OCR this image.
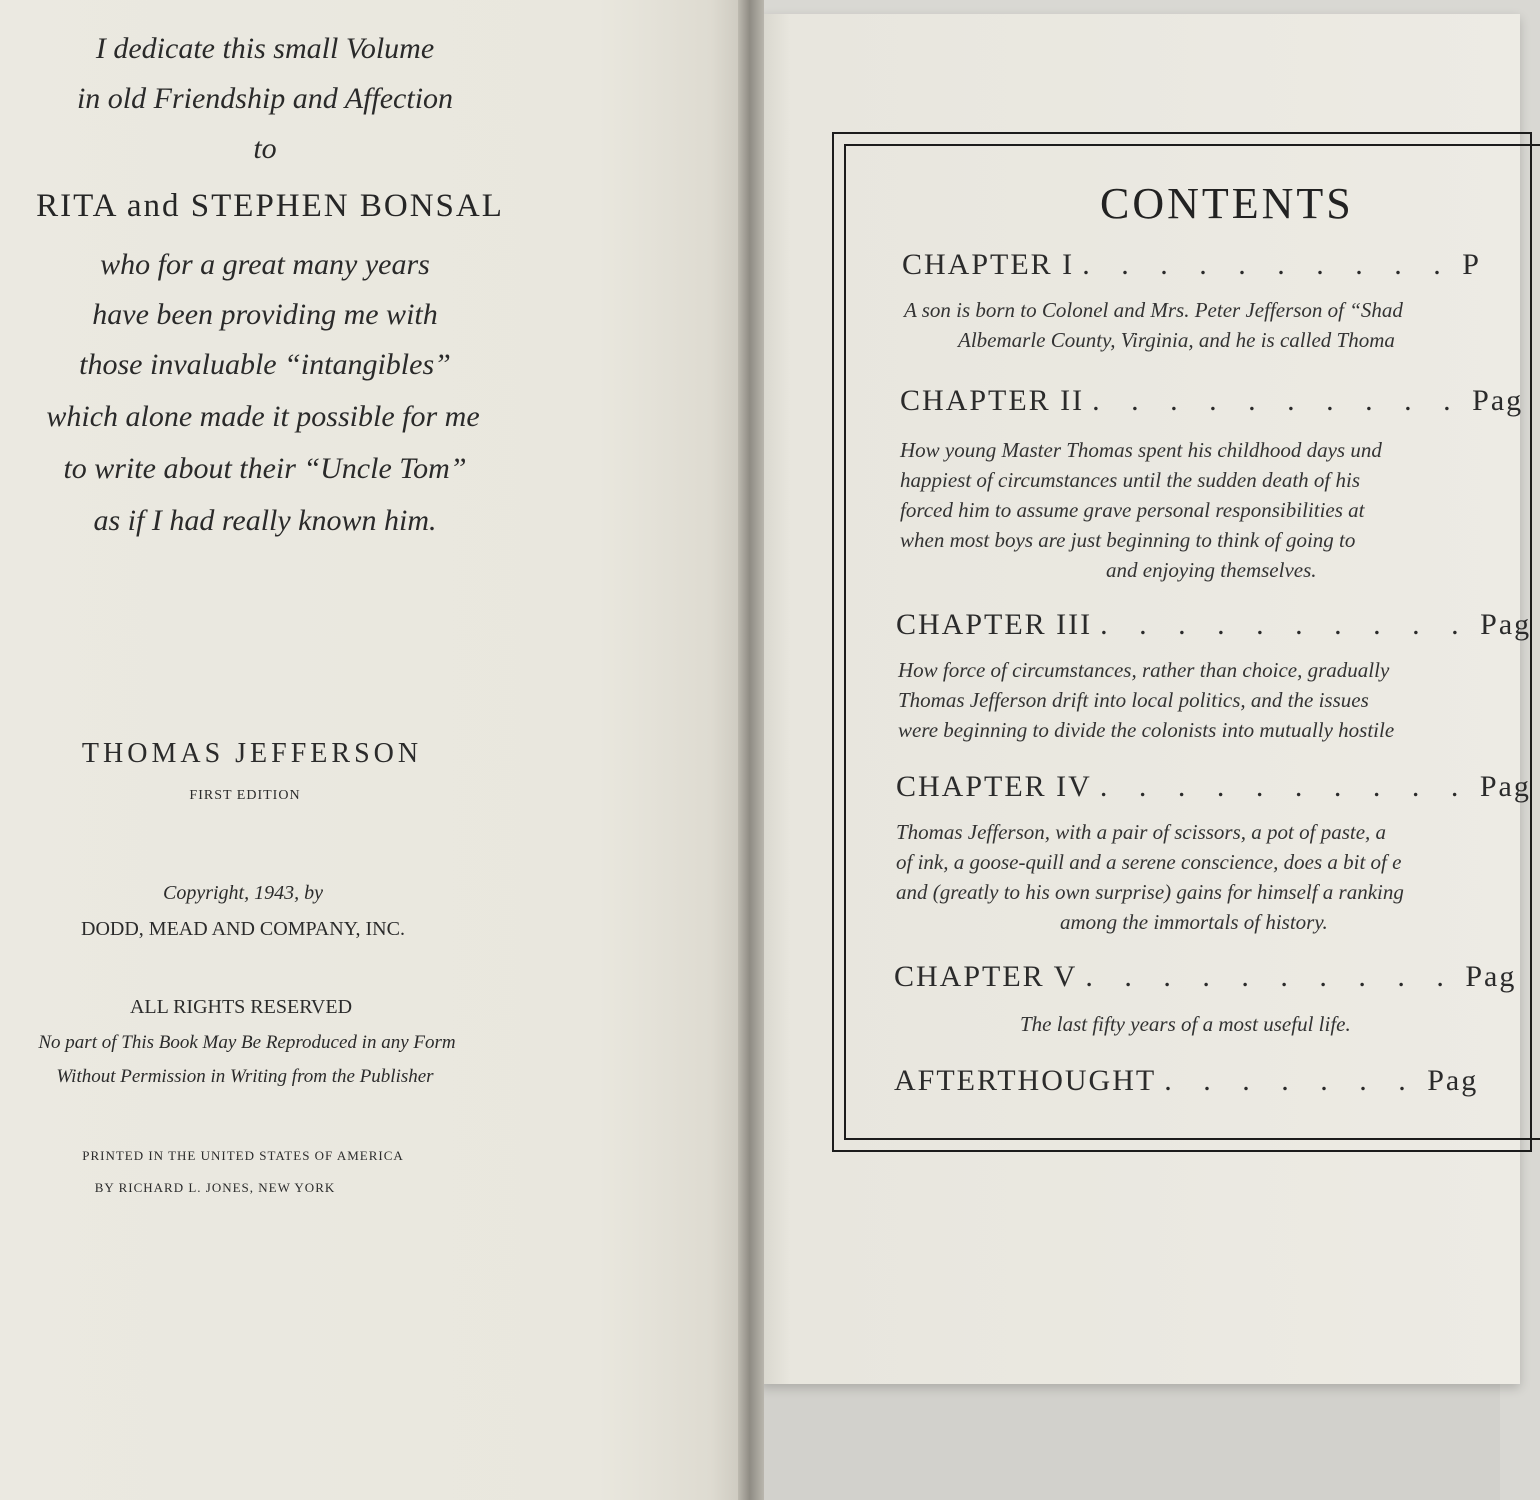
I dedicate this small Volume
in old Friendship and Affection
to
RITA and STEPHEN BONSAL
who for a great many years
have been providing me with
those invaluable “intangibles”
which alone made it possible for me
to write about their “Uncle Tom”
as if I had really known him.
THOMAS JEFFERSON
FIRST EDITION
Copyright, 1943, by
DODD, MEAD AND COMPANY, INC.
ALL RIGHTS RESERVED
No part of This Book May Be Reproduced in any Form
Without Permission in Writing from the Publisher
PRINTED IN THE UNITED STATES OF AMERICA
BY RICHARD L. JONES, NEW YORK
CONTENTS
CHAPTER I . . . . . . . . . . P
A son is born to Colonel and Mrs. Peter Jefferson of “Shad
Albemarle County, Virginia, and he is called Thoma
CHAPTER II . . . . . . . . . . Pag
How young Master Thomas spent his childhood days und
happiest of circumstances until the sudden death of his
forced him to assume grave personal responsibilities at
when most boys are just beginning to think of going to
and enjoying themselves.
CHAPTER III . . . . . . . . . . Pag
How force of circumstances, rather than choice, gradually
Thomas Jefferson drift into local politics, and the issues
were beginning to divide the colonists into mutually hostile
CHAPTER IV . . . . . . . . . . Pag
Thomas Jefferson, with a pair of scissors, a pot of paste, a
of ink, a goose-quill and a serene conscience, does a bit of e
and (greatly to his own surprise) gains for himself a ranking
among the immortals of history.
CHAPTER V . . . . . . . . . . Pag
The last fifty years of a most useful life.
AFTERTHOUGHT . . . . . . . Pag
